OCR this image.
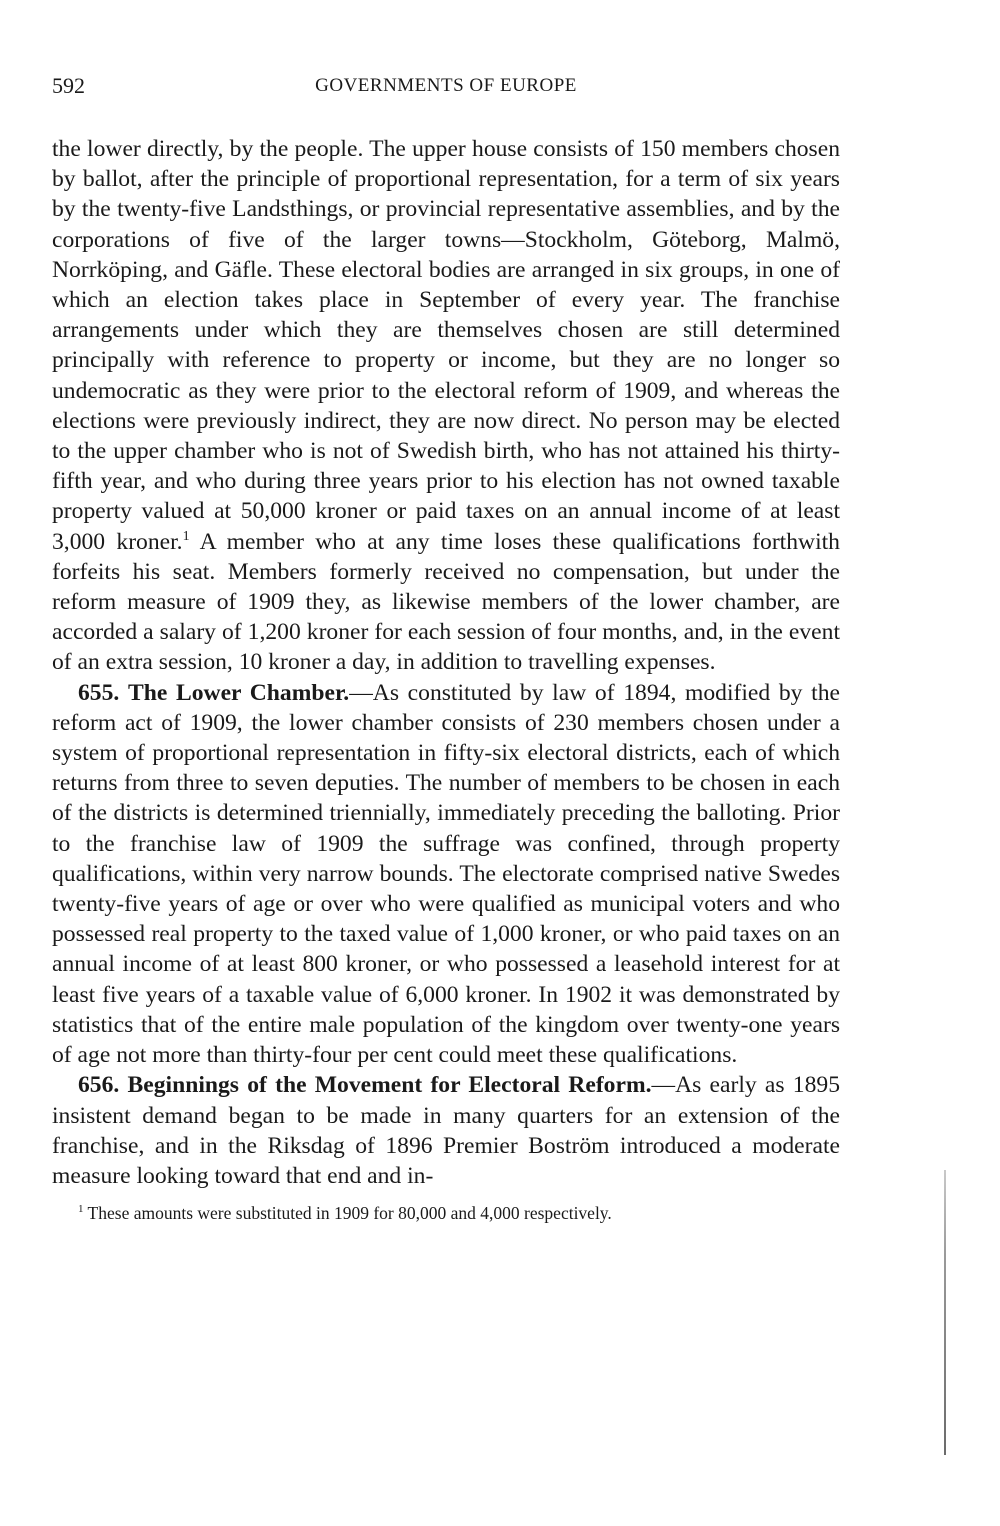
592	GOVERNMENTS OF EUROPE

the lower directly, by the people. The upper house consists of 150 members chosen by ballot, after the principle of proportional representation, for a term of six years by the twenty-five Landsthings, or provincial representative assemblies, and by the corporations of five of the larger towns—Stockholm, Göteborg, Malmö, Norrköping, and Gäfle. These electoral bodies are arranged in six groups, in one of which an election takes place in September of every year. The franchise arrangements under which they are themselves chosen are still determined principally with reference to property or income, but they are no longer so undemocratic as they were prior to the electoral reform of 1909, and whereas the elections were previously indirect, they are now direct. No person may be elected to the upper chamber who is not of Swedish birth, who has not attained his thirty-fifth year, and who during three years prior to his election has not owned taxable property valued at 50,000 kroner or paid taxes on an annual income of at least 3,000 kroner.$^1$ A member who at any time loses these qualifications forthwith forfeits his seat. Members formerly received no compensation, but under the reform measure of 1909 they, as likewise members of the lower chamber, are accorded a salary of 1,200 kroner for each session of four months, and, in the event of an extra session, 10 kroner a day, in addition to travelling expenses.

655. The Lower Chamber.—As constituted by law of 1894, modified by the reform act of 1909, the lower chamber consists of 230 members chosen under a system of proportional representation in fifty-six electoral districts, each of which returns from three to seven deputies. The number of members to be chosen in each of the districts is determined triennially, immediately preceding the balloting. Prior to the franchise law of 1909 the suffrage was confined, through property qualifications, within very narrow bounds. The electorate comprised native Swedes twenty-five years of age or over who were qualified as municipal voters and who possessed real property to the taxed value of 1,000 kroner, or who paid taxes on an annual income of at least 800 kroner, or who possessed a leasehold interest for at least five years of a taxable value of 6,000 kroner. In 1902 it was demonstrated by statistics that of the entire male population of the kingdom over twenty-one years of age not more than thirty-four per cent could meet these qualifications.

656. Beginnings of the Movement for Electoral Reform.—As early as 1895 insistent demand began to be made in many quarters for an extension of the franchise, and in the Riksdag of 1896 Premier Boström introduced a moderate measure looking toward that end and in-

$^1$ These amounts were substituted in 1909 for 80,000 and 4,000 respectively.
